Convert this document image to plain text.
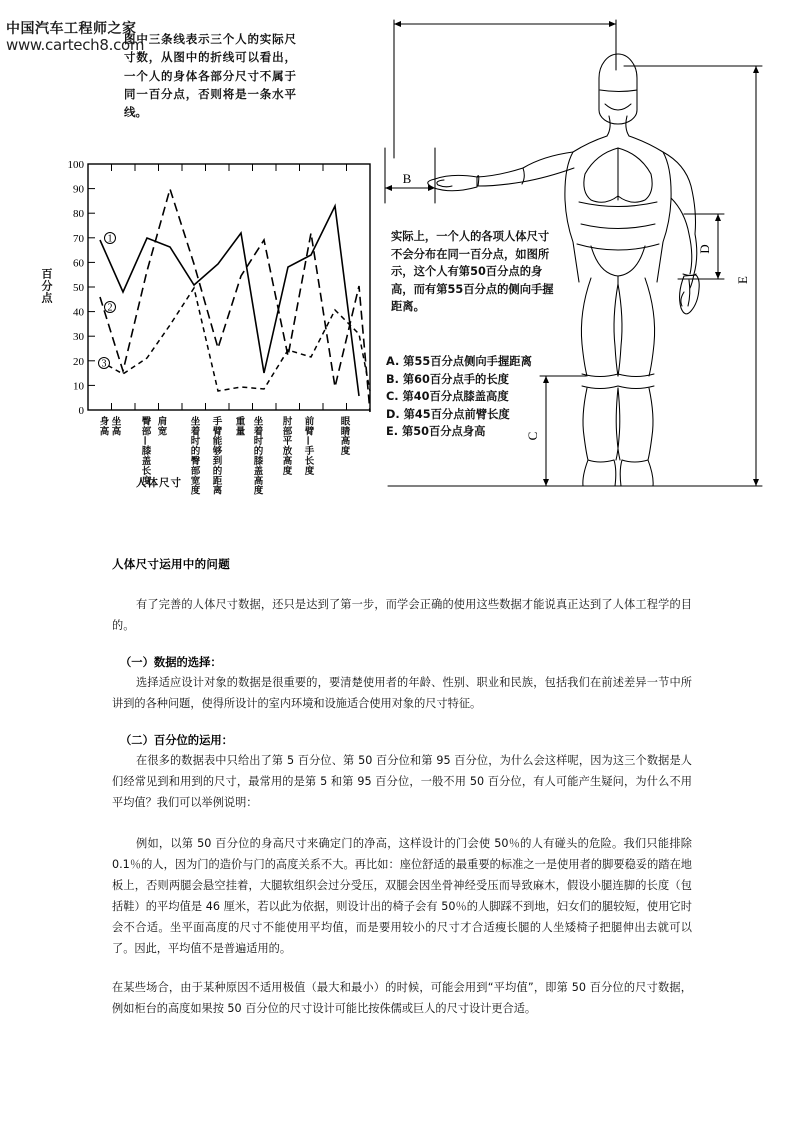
中国汽车工程师之家
www.cartech8.com
图中三条线表示三个人的实际尺寸数，从图中的折线可以看出，一个人的身体各部分尺寸不属于同一百分点，否则将是一条水平线。
百分点
100
90
80
70
60
50
40
30
20
10
0
1
2
3
身高 坐高 臀部—膝盖长度 肩宽 坐着时的臀部宽度 手臂能够到的距离 重量 坐着时的膝盖高度 肘部平放高度 前臂—手长度	眼睛高度
人体尺寸
B
E
D
C
实际上，一个人的各项人体尺寸不会分布在同一百分点，如图所示，这个人有第50百分点的身高，而有第55百分点的侧向手握距离。
A. 第55百分点侧向手握距离
B. 第60百分点手的长度
C. 第40百分点膝盖高度
D. 第45百分点前臂长度
E. 第50百分点身高
人体尺寸运用中的问题

有了完善的人体尺寸数据，还只是达到了第一步，而学会正确的使用这些数据才能说真正达到了人体工程学的目的。

（一）数据的选择：

选择适应设计对象的数据是很重要的，要清楚使用者的年龄、性别、职业和民族，包括我们在前述差异一节中所讲到的各种问题，使得所设计的室内环境和设施适合使用对象的尺寸特征。

（二）百分位的运用：

在很多的数据表中只给出了第 5 百分位、第 50 百分位和第 95 百分位，为什么会这样呢，因为这三个数据是人们经常见到和用到的尺寸，最常用的是第 5 和第 95 百分位，一般不用 50 百分位，有人可能产生疑问，为什么不用平均值？我们可以举例说明：

例如，以第 50 百分位的身高尺寸来确定门的净高，这样设计的门会使 50％的人有碰头的危险。我们只能排除 0.1％的人，因为门的造价与门的高度关系不大。再比如：座位舒适的最重要的标准之一是使用者的脚要稳妥的踏在地板上，否则两腿会悬空挂着，大腿软组织会过分受压，双腿会因坐骨神经受压而导致麻木，假设小腿连脚的长度（包括鞋）的平均值是 46 厘米，若以此为依据，则设计出的椅子会有 50％的人脚踩不到地，妇女们的腿较短，使用它时会不合适。坐平面高度的尺寸不能使用平均值，而是要用较小的尺寸才合适瘦长腿的人坐矮椅子把腿伸出去就可以了。因此，平均值不是普遍适用的。

在某些场合，由于某种原因不适用极值（最大和最小）的时候，可能会用到“平均值”，即第 50 百分位的尺寸数据，例如柜台的高度如果按 50 百分位的尺寸设计可能比按侏儒或巨人的尺寸设计更合适。
